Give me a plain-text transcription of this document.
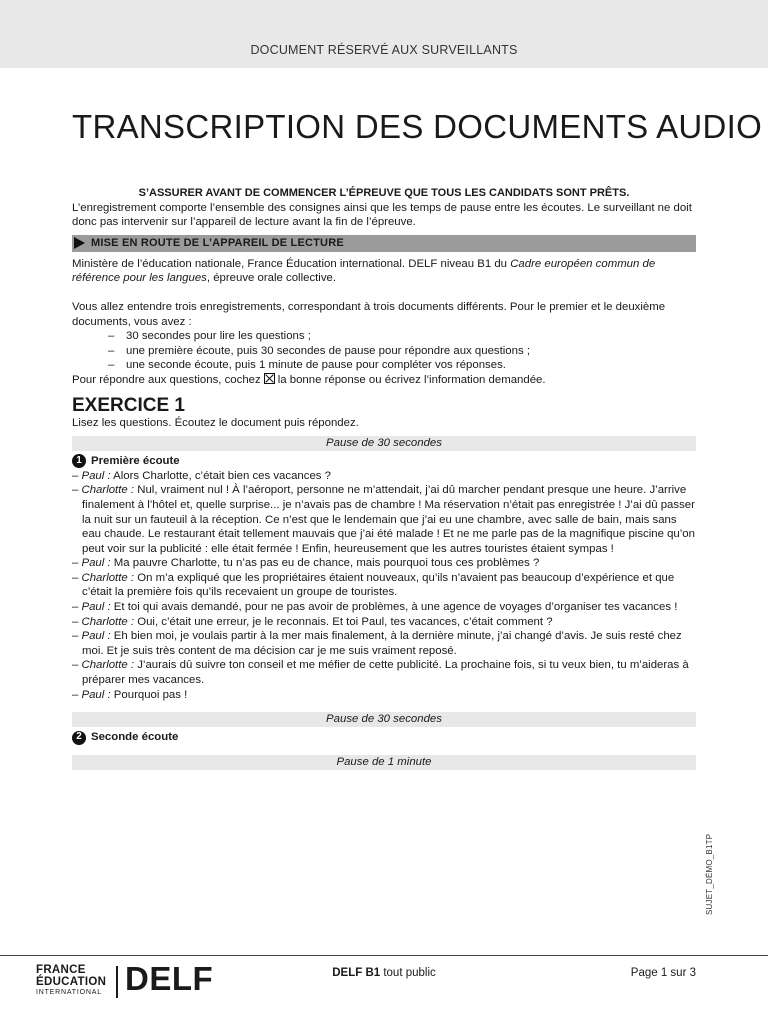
DOCUMENT RÉSERVÉ AUX SURVEILLANTS
TRANSCRIPTION DES DOCUMENTS AUDIO

S’ASSURER AVANT DE COMMENCER L’ÉPREUVE QUE TOUS LES CANDIDATS SONT PRÊTS.

L’enregistrement comporte l’ensemble des consignes ainsi que les temps de pause entre les écoutes. Le surveillant ne doit donc pas intervenir sur l’appareil de lecture avant la fin de l’épreuve.

MISE EN ROUTE DE L’APPAREIL DE LECTURE

Ministère de l’éducation nationale, France Éducation international. DELF niveau B1 du Cadre européen commun de référence pour les langues, épreuve orale collective.

Vous allez entendre trois enregistrements, correspondant à trois documents différents. Pour le premier et le deuxième documents, vous avez :

– 30 secondes pour lire les questions ;
– une première écoute, puis 30 secondes de pause pour répondre aux questions ;
– une seconde écoute, puis 1 minute de pause pour compléter vos réponses.

Pour répondre aux questions, cochez la bonne réponse ou écrivez l’information demandée.

EXERCICE 1

Lisez les questions. Écoutez le document puis répondez.

Pause de 30 secondes
1 Première écoute

– Paul : Alors Charlotte, c’était bien ces vacances ?

– Charlotte : Nul, vraiment nul ! À l’aéroport, personne ne m’attendait, j’ai dû marcher pendant presque une heure. J’arrive finalement à l’hôtel et, quelle surprise... je n’avais pas de chambre ! Ma réservation n’était pas enregistrée ! J’ai dû passer la nuit sur un fauteuil à la réception. Ce n’est que le lendemain que j’ai eu une chambre, avec salle de bain, mais sans eau chaude. Le restaurant était tellement mauvais que j’ai été malade ! Et ne me parle pas de la magnifique piscine qu’on peut voir sur la publicité : elle était fermée ! Enfin, heureusement que les autres touristes étaient sympas !

– Paul : Ma pauvre Charlotte, tu n’as pas eu de chance, mais pourquoi tous ces problèmes ?

– Charlotte : On m’a expliqué que les propriétaires étaient nouveaux, qu’ils n’avaient pas beaucoup d’expérience et que c’était la première fois qu’ils recevaient un groupe de touristes.

– Paul : Et toi qui avais demandé, pour ne pas avoir de problèmes, à une agence de voyages d’organiser tes vacances !

– Charlotte : Oui, c’était une erreur, je le reconnais. Et toi Paul, tes vacances, c’était comment ?

– Paul : Eh bien moi, je voulais partir à la mer mais finalement, à la dernière minute, j’ai changé d’avis. Je suis resté chez moi. Et je suis très content de ma décision car je me suis vraiment reposé.

– Charlotte : J’aurais dû suivre ton conseil et me méfier de cette publicité. La prochaine fois, si tu veux bien, tu m’aideras à préparer mes vacances.

– Paul : Pourquoi pas !

Pause de 30 secondes
2 Seconde écoute
Pause de 1 minute
SUJET_DÉMO_B1TP
FRANCE
ÉDUCATION
INTERNATIONAL DELF	DELF B1 tout public	Page 1 sur 3
